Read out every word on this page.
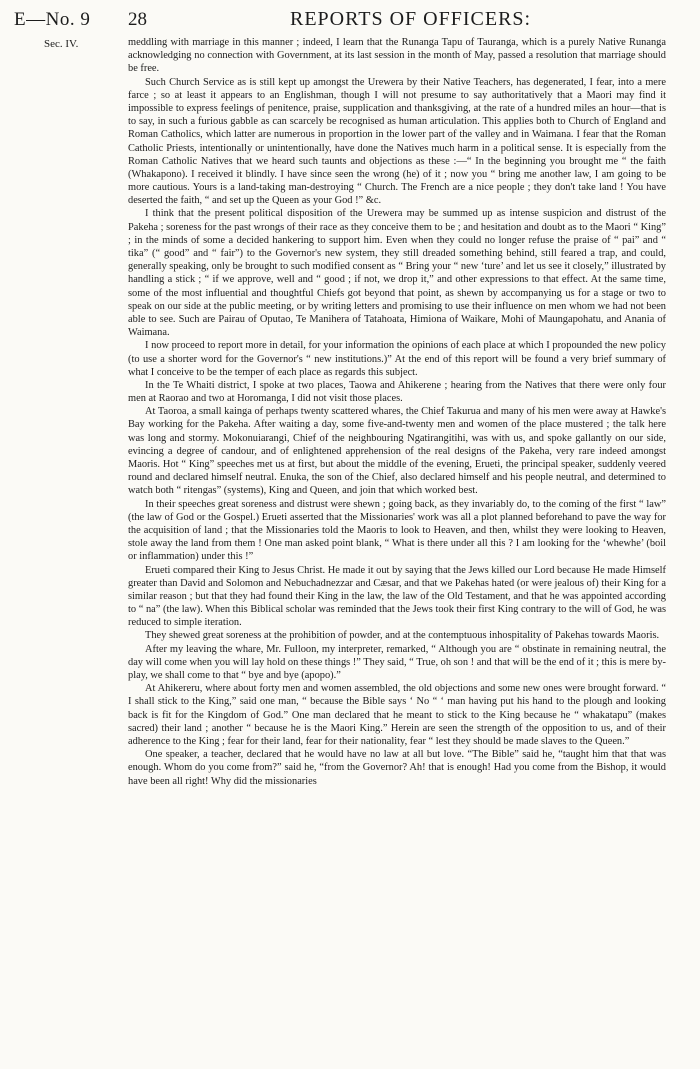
E—No. 9
Sec. IV.
28	REPORTS OF OFFICERS:

meddling with marriage in this manner ; indeed, I learn that the Runanga Tapu of Tauranga, which is a purely Native Runanga acknowledging no connection with Government, at its last session in the month of May, passed a resolution that marriage should be free.

Such Church Service as is still kept up amongst the Urewera by their Native Teachers, has degenerated, I fear, into a mere farce ; so at least it appears to an Englishman, though I will not presume to say authoritatively that a Maori may find it impossible to express feelings of penitence, praise, supplication and thanksgiving, at the rate of a hundred miles an hour—that is to say, in such a furious gabble as can scarcely be recognised as human articulation. This applies both to Church of England and Roman Catholics, which latter are numerous in proportion in the lower part of the valley and in Waimana. I fear that the Roman Catholic Priests, intentionally or unintentionally, have done the Natives much harm in a political sense. It is especially from the Roman Catholic Natives that we heard such taunts and objections as these :—“ In the beginning you brought me “ the faith (Whakapono). I received it blindly. I have since seen the wrong (he) of it ; now you “ bring me another law, I am going to be more cautious. Yours is a land-taking man-destroying “ Church. The French are a nice people ; they don't take land ! You have deserted the faith, “ and set up the Queen as your God !” &c.

I think that the present political disposition of the Urewera may be summed up as intense suspicion and distrust of the Pakeha ; soreness for the past wrongs of their race as they conceive them to be ; and hesitation and doubt as to the Maori “ King” ; in the minds of some a decided hankering to support him. Even when they could no longer refuse the praise of “ pai” and “ tika” (“ good” and “ fair”) to the Governor's new system, they still dreaded something behind, still feared a trap, and could, generally speaking, only be brought to such modified consent as “ Bring your “ new ‘ture’ and let us see it closely,” illustrated by handling a stick ; “ if we approve, well and “ good ; if not, we drop it,” and other expressions to that effect. At the same time, some of the most influential and thoughtful Chiefs got beyond that point, as shewn by accompanying us for a stage or two to speak on our side at the public meeting, or by writing letters and promising to use their influence on men whom we had not been able to see. Such are Pairau of Oputao, Te Manihera of Tatahoata, Himiona of Waikare, Mohi of Maungapohatu, and Anania of Waimana.

I now proceed to report more in detail, for your information the opinions of each place at which I propounded the new policy (to use a shorter word for the Governor's “ new institutions.)” At the end of this report will be found a very brief summary of what I conceive to be the temper of each place as regards this subject.

In the Te Whaiti district, I spoke at two places, Taowa and Ahikerene ; hearing from the Natives that there were only four men at Raorao and two at Horomanga, I did not visit those places.

At Taoroa, a small kainga of perhaps twenty scattered whares, the Chief Takurua and many of his men were away at Hawke's Bay working for the Pakeha. After waiting a day, some five-and-twenty men and women of the place mustered ; the talk here was long and stormy. Mokonuiarangi, Chief of the neighbouring Ngatirangitihi, was with us, and spoke gallantly on our side, evincing a degree of candour, and of enlightened apprehension of the real designs of the Pakeha, very rare indeed amongst Maoris. Hot “ King” speeches met us at first, but about the middle of the evening, Erueti, the principal speaker, suddenly veered round and declared himself neutral. Enuka, the son of the Chief, also declared himself and his people neutral, and determined to watch both “ ritengas” (systems), King and Queen, and join that which worked best.

In their speeches great soreness and distrust were shewn ; going back, as they invariably do, to the coming of the first “ law” (the law of God or the Gospel.) Erueti asserted that the Missionaries' work was all a plot planned beforehand to pave the way for the acquisition of land ; that the Missionaries told the Maoris to look to Heaven, and then, whilst they were looking to Heaven, stole away the land from them ! One man asked point blank, “ What is there under all this ? I am looking for the ‘whewhe’ (boil or inflammation) under this !”

Erueti compared their King to Jesus Christ. He made it out by saying that the Jews killed our Lord because He made Himself greater than David and Solomon and Nebuchadnezzar and Cæsar, and that we Pakehas hated (or were jealous of) their King for a similar reason ; but that they had found their King in the law, the law of the Old Testament, and that he was appointed according to “ na” (the law). When this Biblical scholar was reminded that the Jews took their first King contrary to the will of God, he was reduced to simple iteration.

They shewed great soreness at the prohibition of powder, and at the contemptuous inhospitality of Pakehas towards Maoris.

After my leaving the whare, Mr. Fulloon, my interpreter, remarked, “ Although you are “ obstinate in remaining neutral, the day will come when you will lay hold on these things !” They said, “ True, oh son ! and that will be the end of it ; this is mere by-play, we shall come to that “ bye and bye (apopo).”

At Ahikereru, where about forty men and women assembled, the old objections and some new ones were brought forward. “ I shall stick to the King,” said one man, “ because the Bible says ‘ No “ ‘ man having put his hand to the plough and looking back is fit for the Kingdom of God.” One man declared that he meant to stick to the King because he “ whakatapu” (makes sacred) their land ; another “ because he is the Maori King.” Herein are seen the strength of the opposition to us, and of their adherence to the King ; fear for their land, fear for their nationality, fear “ lest they should be made slaves to the Queen.”

One speaker, a teacher, declared that he would have no law at all but love. “The Bible” said he, “taught him that that was enough. Whom do you come from?” said he, “from the Governor? Ah! that is enough! Had you come from the Bishop, it would have been all right! Why did the missionaries
